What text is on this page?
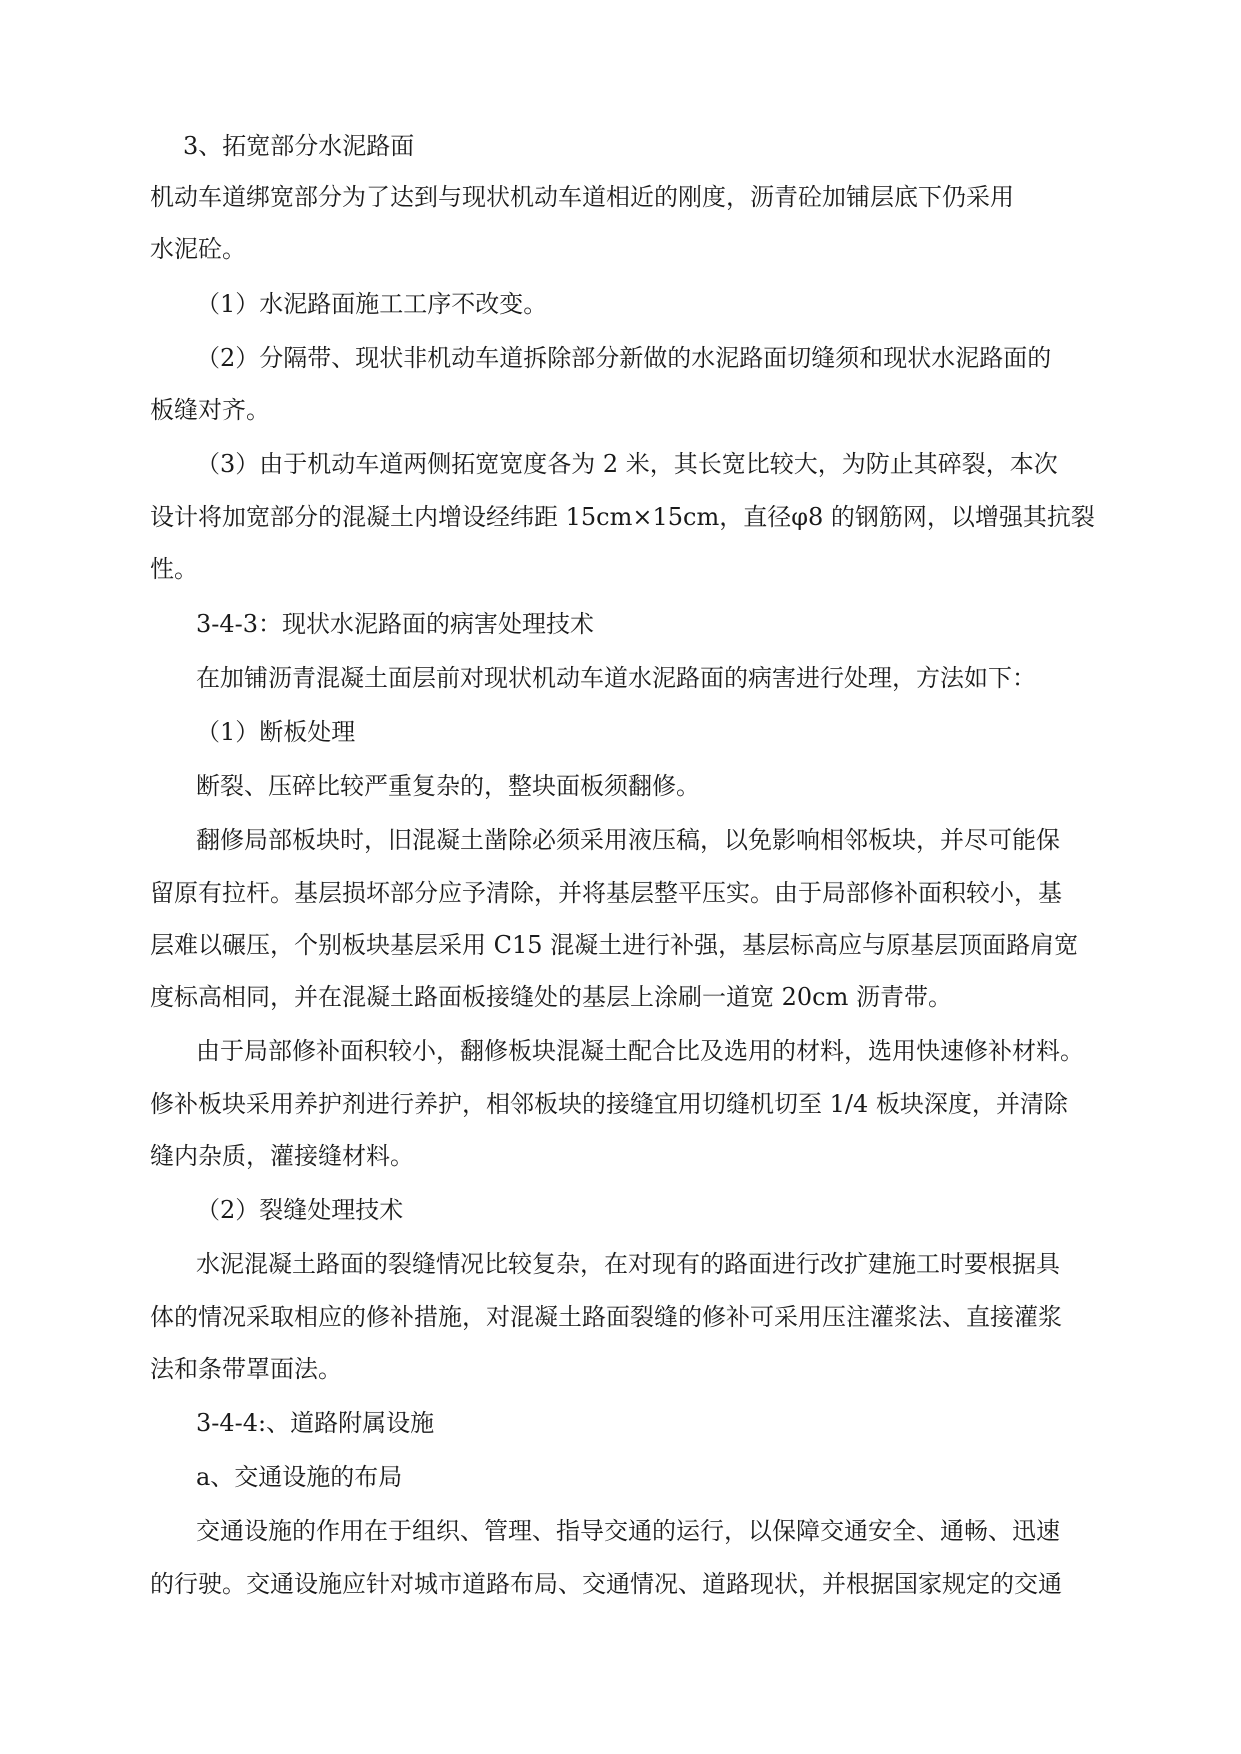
3、拓宽部分水泥路面

机动车道绑宽部分为了达到与现状机动车道相近的刚度，沥青砼加铺层底下仍采用

水泥砼。

（1）水泥路面施工工序不改变。

（2）分隔带、现状非机动车道拆除部分新做的水泥路面切缝须和现状水泥路面的

板缝对齐。

（3）由于机动车道两侧拓宽宽度各为 2 米，其长宽比较大，为防止其碎裂，本次

设计将加宽部分的混凝土内增设经纬距 15cm×15cm，直径φ8 的钢筋网，以增强其抗裂

性。

3-4-3：现状水泥路面的病害处理技术

在加铺沥青混凝土面层前对现状机动车道水泥路面的病害进行处理，方法如下：

（1）断板处理

断裂、压碎比较严重复杂的，整块面板须翻修。

翻修局部板块时，旧混凝土凿除必须采用液压稿，以免影响相邻板块，并尽可能保

留原有拉杆。基层损坏部分应予清除，并将基层整平压实。由于局部修补面积较小，基

层难以碾压，个别板块基层采用 C15 混凝土进行补强，基层标高应与原基层顶面路肩宽

度标高相同，并在混凝土路面板接缝处的基层上涂刷一道宽 20cm 沥青带。

由于局部修补面积较小，翻修板块混凝土配合比及选用的材料，选用快速修补材料。

修补板块采用养护剂进行养护，相邻板块的接缝宜用切缝机切至 1/4 板块深度，并清除

缝内杂质，灌接缝材料。

（2）裂缝处理技术

水泥混凝土路面的裂缝情况比较复杂，在对现有的路面进行改扩建施工时要根据具

体的情况采取相应的修补措施，对混凝土路面裂缝的修补可采用压注灌浆法、直接灌浆

法和条带罩面法。

3-4-4:、道路附属设施

a、交通设施的布局

交通设施的作用在于组织、管理、指导交通的运行，以保障交通安全、通畅、迅速

的行驶。交通设施应针对城市道路布局、交通情况、道路现状，并根据国家规定的交通
